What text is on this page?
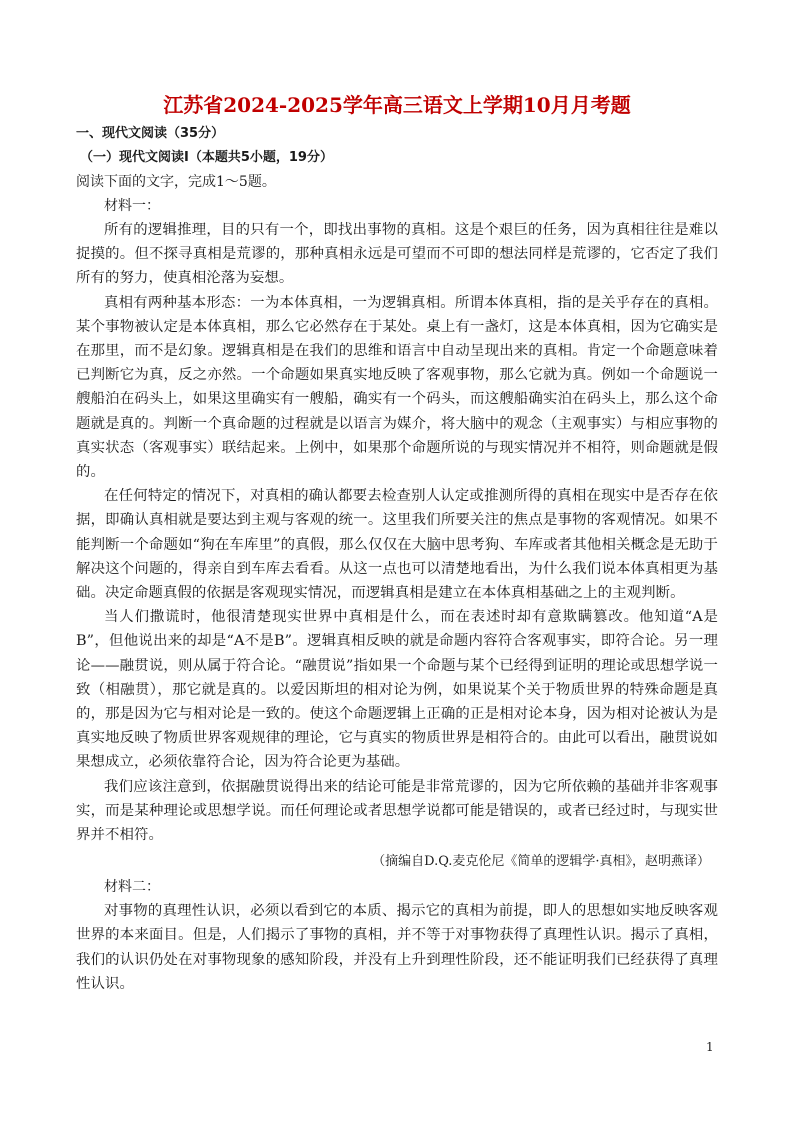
江苏省2024-2025学年高三语文上学期10月月考题
一、现代文阅读（35分）
（一）现代文阅读Ⅰ（本题共5小题，19分）
阅读下面的文字，完成1～5题。
材料一：

所有的逻辑推理，目的只有一个，即找出事物的真相。这是个艰巨的任务，因为真相往往是难以捉摸的。但不探寻真相是荒谬的，那种真相永远是可望而不可即的想法同样是荒谬的，它否定了我们所有的努力，使真相沦落为妄想。

真相有两种基本形态：一为本体真相，一为逻辑真相。所谓本体真相，指的是关乎存在的真相。某个事物被认定是本体真相，那么它必然存在于某处。桌上有一盏灯，这是本体真相，因为它确实是在那里，而不是幻象。逻辑真相是在我们的思维和语言中自动呈现出来的真相。肯定一个命题意味着已判断它为真，反之亦然。一个命题如果真实地反映了客观事物，那么它就为真。例如一个命题说一艘船泊在码头上，如果这里确实有一艘船，确实有一个码头，而这艘船确实泊在码头上，那么这个命题就是真的。判断一个真命题的过程就是以语言为媒介，将大脑中的观念（主观事实）与相应事物的真实状态（客观事实）联结起来。上例中，如果那个命题所说的与现实情况并不相符，则命题就是假的。

在任何特定的情况下，对真相的确认都要去检查别人认定或推测所得的真相在现实中是否存在依据，即确认真相就是要达到主观与客观的统一。这里我们所要关注的焦点是事物的客观情况。如果不能判断一个命题如“狗在车库里”的真假，那么仅仅在大脑中思考狗、车库或者其他相关概念是无助于解决这个问题的，得亲自到车库去看看。从这一点也可以清楚地看出，为什么我们说本体真相更为基础。决定命题真假的依据是客观现实情况，而逻辑真相是建立在本体真相基础之上的主观判断。

当人们撒谎时，他很清楚现实世界中真相是什么，而在表述时却有意欺瞒篡改。他知道“A是B”，但他说出来的却是“A不是B”。逻辑真相反映的就是命题内容符合客观事实，即符合论。另一理论——融贯说，则从属于符合论。“融贯说”指如果一个命题与某个已经得到证明的理论或思想学说一致（相融贯），那它就是真的。以爱因斯坦的相对论为例，如果说某个关于物质世界的特殊命题是真的，那是因为它与相对论是一致的。使这个命题逻辑上正确的正是相对论本身，因为相对论被认为是真实地反映了物质世界客观规律的理论，它与真实的物质世界是相符合的。由此可以看出，融贯说如果想成立，必须依靠符合论，因为符合论更为基础。

我们应该注意到，依据融贯说得出来的结论可能是非常荒谬的，因为它所依赖的基础并非客观事实，而是某种理论或思想学说。而任何理论或者思想学说都可能是错误的，或者已经过时，与现实世界并不相符。

（摘编自D.Q.麦克伦尼《简单的逻辑学·真相》，赵明燕译）
材料二：

对事物的真理性认识，必须以看到它的本质、揭示它的真相为前提，即人的思想如实地反映客观世界的本来面目。但是，人们揭示了事物的真相，并不等于对事物获得了真理性认识。揭示了真相，我们的认识仍处在对事物现象的感知阶段，并没有上升到理性阶段，还不能证明我们已经获得了真理性认识。

1
